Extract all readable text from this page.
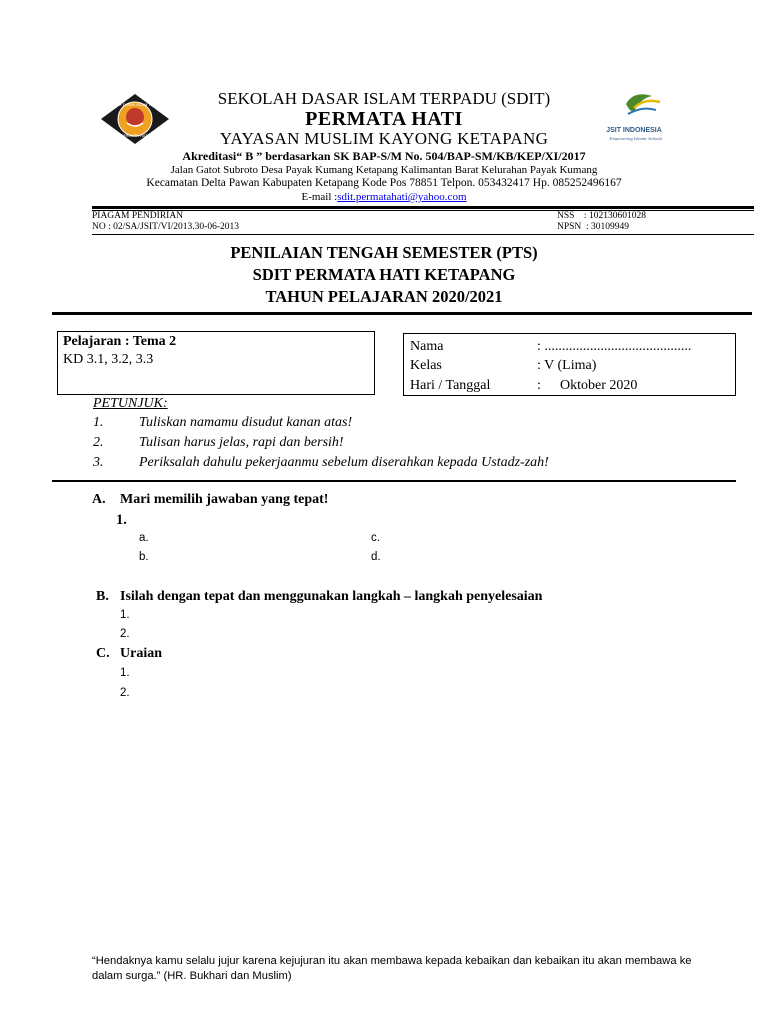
SEKOLAH DASAR ISLAM TERPADU
PERMATA HATI
JSIT INDONESIA
Empowering Islamic Schools
SEKOLAH DASAR ISLAM TERPADU (SDIT)
PERMATA HATI
YAYASAN MUSLIM KAYONG KETAPANG
Akreditasi“ B ” berdasarkan SK BAP-S/M No. 504/BAP-SM/KB/KEP/XI/2017
Jalan Gatot Subroto Desa Payak Kumang Ketapang Kalimantan Barat Kelurahan Payak Kumang
Kecamatan Delta Pawan Kabupaten Ketapang Kode Pos 78851 Telpon. 053432417 Hp. 085252496167
E-mail :sdit.permatahati@yahoo.com
PIAGAM PENDIRIAN
NO : 02/SA/JSIT/VI/2013.30-06-2013
NSS    : 102130601028
NPSN  : 30109949
PENILAIAN TENGAH SEMESTER (PTS)
SDIT PERMATA HATI KETAPANG
TAHUN PELAJARAN 2020/2021
Pelajaran : Tema 2
KD 3.1, 3.2, 3.3
Nama	: ..........................................
Kelas	: V (Lima)
Hari / Tanggal	: Oktober 2020
PETUNJUK:
1.	Tuliskan namamu disudut kanan atas!
2.	Tulisan harus jelas, rapi dan bersih!
3.	Periksalah dahulu pekerjaanmu sebelum diserahkan kepada Ustadz-zah!
A. Mari memilih jawaban yang tepat!
1.
a.
b.
c.
d.
B. Isilah dengan tepat dan menggunakan langkah – langkah penyelesaian
1.
2.
C. Uraian
1.
2.
“Hendaknya kamu selalu jujur karena kejujuran itu akan membawa kepada kebaikan dan kebaikan itu akan membawa ke dalam surga.” (HR. Bukhari dan Muslim)
